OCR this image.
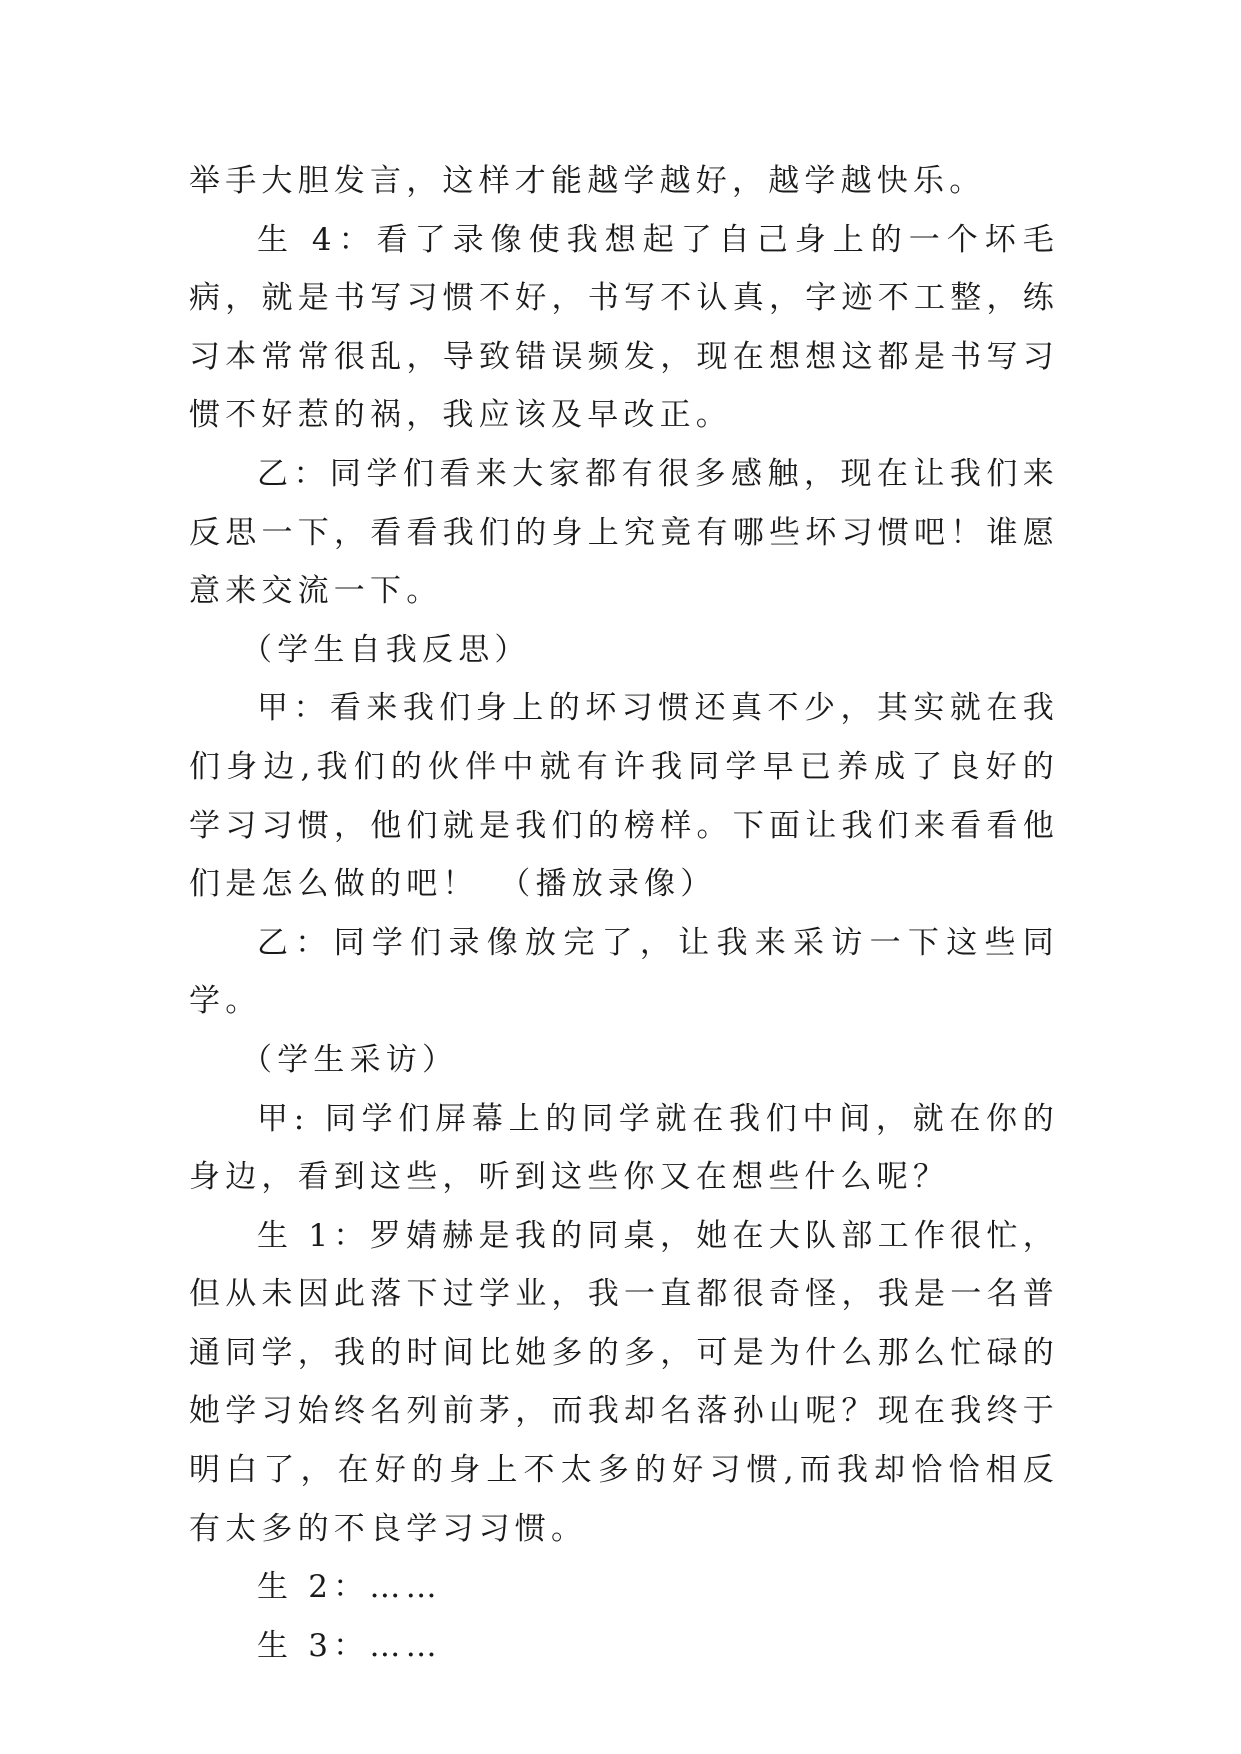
举手大胆发言，这样才能越学越好，越学越快乐。

生 4：看了录像使我想起了自己身上的一个坏毛病，就是书写习惯不好，书写不认真，字迹不工整，练习本常常很乱，导致错误频发，现在想想这都是书写习惯不好惹的祸，我应该及早改正。

乙：同学们看来大家都有很多感触，现在让我们来反思一下，看看我们的身上究竟有哪些坏习惯吧！谁愿意来交流一下。

（学生自我反思）

甲：看来我们身上的坏习惯还真不少，其实就在我们身边,我们的伙伴中就有许我同学早已养成了良好的学习习惯，他们就是我们的榜样。下面让我们来看看他们是怎么做的吧！　（播放录像）

乙：同学们录像放完了，让我来采访一下这些同学。

（学生采访）

甲: 同学们屏幕上的同学就在我们中间，就在你的身边，看到这些，听到这些你又在想些什么呢？

生 1：罗婧赫是我的同桌，她在大队部工作很忙，但从未因此落下过学业，我一直都很奇怪，我是一名普通同学，我的时间比她多的多，可是为什么那么忙碌的她学习始终名列前茅，而我却名落孙山呢？现在我终于明白了，在好的身上不太多的好习惯,而我却恰恰相反有太多的不良学习习惯。

生 2：……

生 3：……
